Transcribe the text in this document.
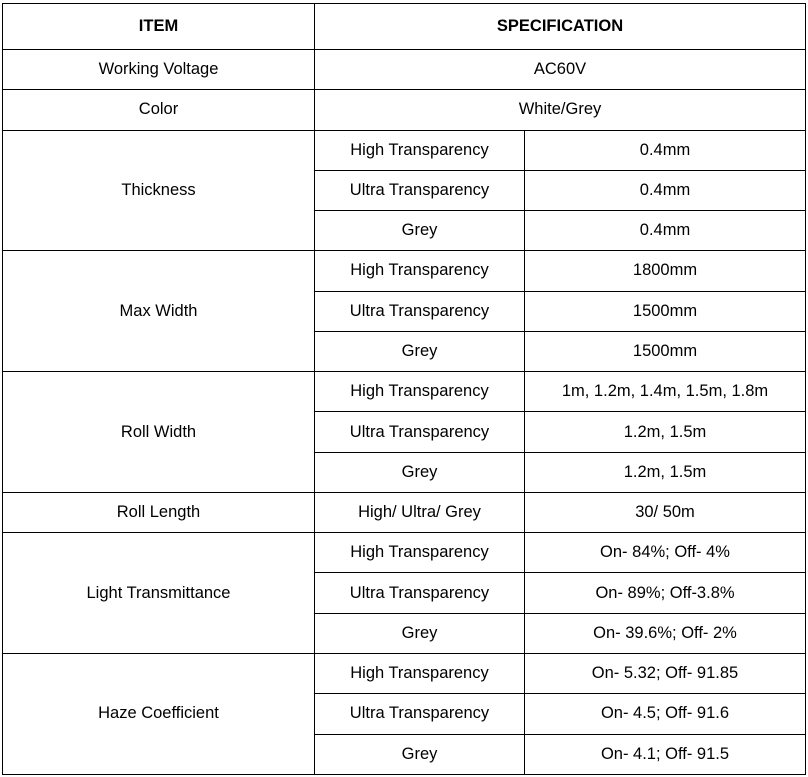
ITEM	SPECIFICATION	
Working Voltage	AC60V	
Color	White/Grey	
Thickness	High Transparency	0.4mm
	Ultra Transparency	0.4mm
	Grey	0.4mm
Max Width	High Transparency	1800mm
	Ultra Transparency	1500mm
	Grey	1500mm
Roll Width	High Transparency	1m, 1.2m, 1.4m, 1.5m, 1.8m
	Ultra Transparency	1.2m, 1.5m
	Grey	1.2m, 1.5m
Roll Length	High/ Ultra/ Grey	30/ 50m
Light Transmittance	High Transparency	On- 84%; Off- 4%
	Ultra Transparency	On- 89%; Off-3.8%
	Grey	On- 39.6%; Off- 2%
Haze Coefficient	High Transparency	On- 5.32; Off- 91.85
	Ultra Transparency	On- 4.5; Off- 91.6
	Grey	On- 4.1; Off- 91.5
